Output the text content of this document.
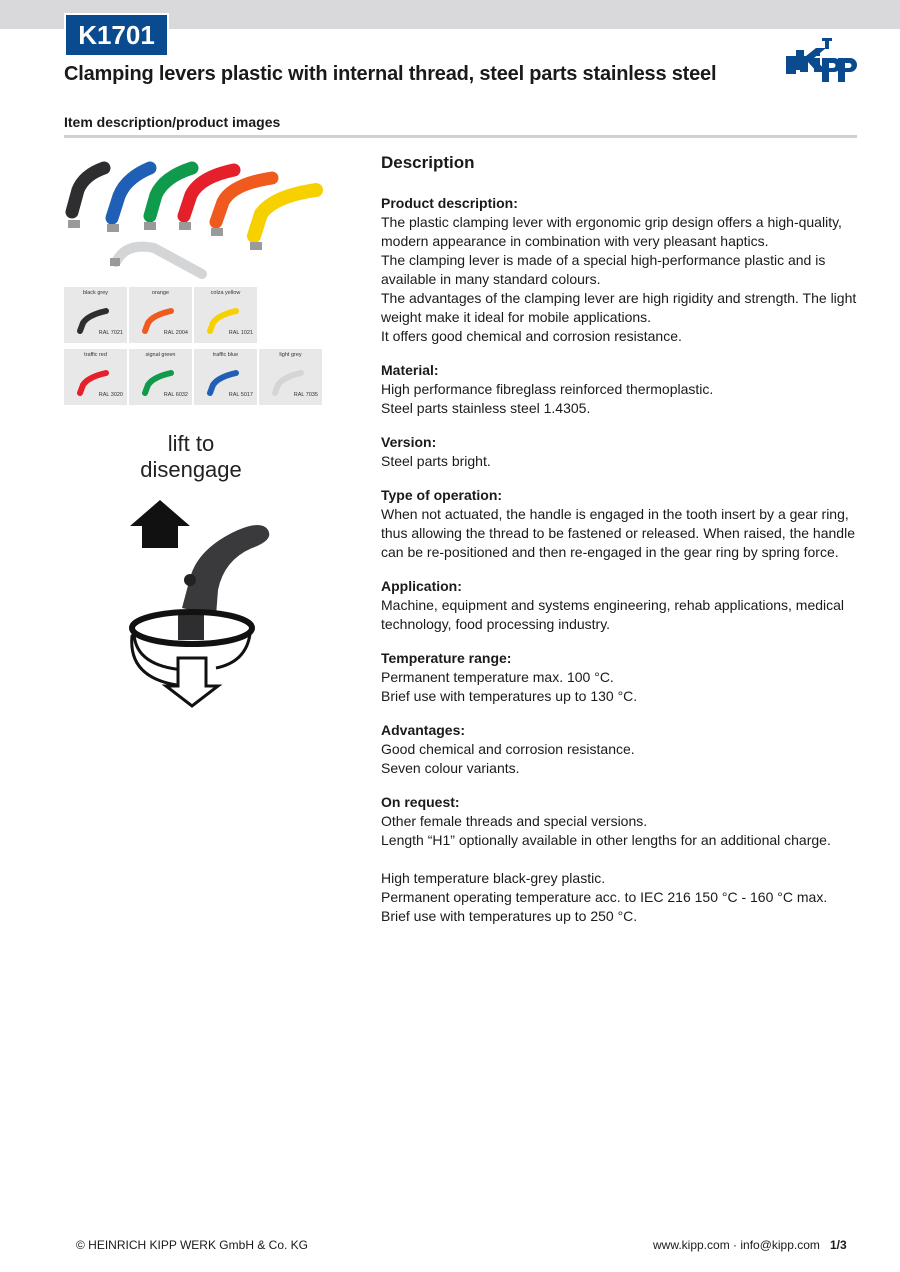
K1701
Clamping levers plastic with internal thread, steel parts stainless steel
Item description/product images
black grey
RAL 7021
orange
RAL 2004
colza yellow
RAL 1021
traffic red
RAL 3020
signal green
RAL 6032
traffic blue
RAL 5017
light grey
RAL 7035
lift to
disengage
Description
Product description:

The plastic clamping lever with ergonomic grip design offers a high-quality, modern appearance in combination with very pleasant haptics.

The clamping lever is made of a special high-performance plastic and is available in many standard colours.

The advantages of the clamping lever are high rigidity and strength. The light weight make it ideal for mobile applications.

It offers good chemical and corrosion resistance.

Material:

High performance fibreglass reinforced thermoplastic.

Steel parts stainless steel 1.4305.

Version:

Steel parts bright.

Type of operation:

When not actuated, the handle is engaged in the tooth insert by a gear ring, thus allowing the thread to be fastened or released. When raised, the handle can be re-positioned and then re-engaged in the gear ring by spring force.

Application:

Machine, equipment and systems engineering, rehab applications, medical technology, food processing industry.

Temperature range:

Permanent temperature max. 100 °C.

Brief use with temperatures up to 130 °C.

Advantages:

Good chemical and corrosion resistance.

Seven colour variants.

On request:

Other female threads and special versions.

Length “H1” optionally available in other lengths for an additional charge.

High temperature black-grey plastic.

Permanent operating temperature acc. to IEC 216 150 °C - 160 °C max.

Brief use with temperatures up to 250 °C.

© HEINRICH KIPP WERK GmbH & Co. KG	www.kipp.com · info@kipp.com 1/3
